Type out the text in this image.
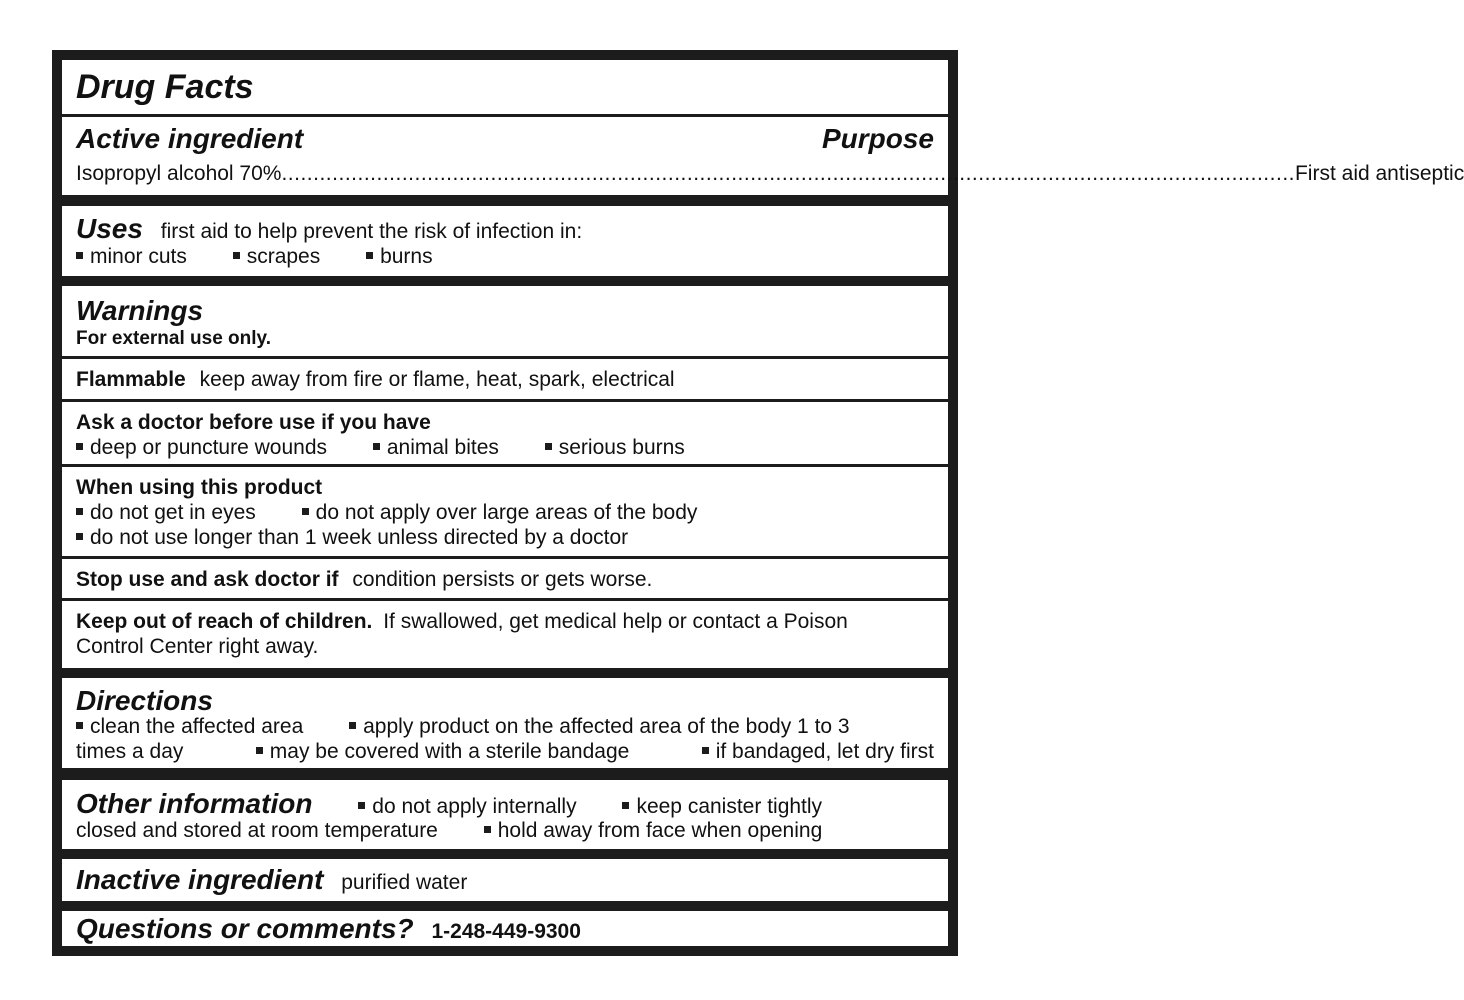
Drug Facts
Active ingredient	Purpose
Isopropyl alcohol 70% ................................................................................................................................................................ First aid antiseptic
Uses first aid to help prevent the risk of infection in:
minor cuts	scrapes	burns
Warnings
For external use only.
Flammable keep away from fire or flame, heat, spark, electrical
Ask a doctor before use if you have
deep or puncture wounds	animal bites	serious burns
When using this product
do not get in eyes	do not apply over large areas of the body
do not use longer than 1 week unless directed by a doctor
Stop use and ask doctor if condition persists or gets worse.
Keep out of reach of children. If swallowed, get medical help or contact a Poison
Control Center right away.
Directions
clean the affected area	apply product on the affected area of the body 1 to 3
times a day	may be covered with a sterile bandage	if bandaged, let dry first
Other information	do not apply internally	keep canister tightly
closed and stored at room temperature	hold away from face when opening
Inactive ingredient purified water
Questions or comments? 1-248-449-9300
